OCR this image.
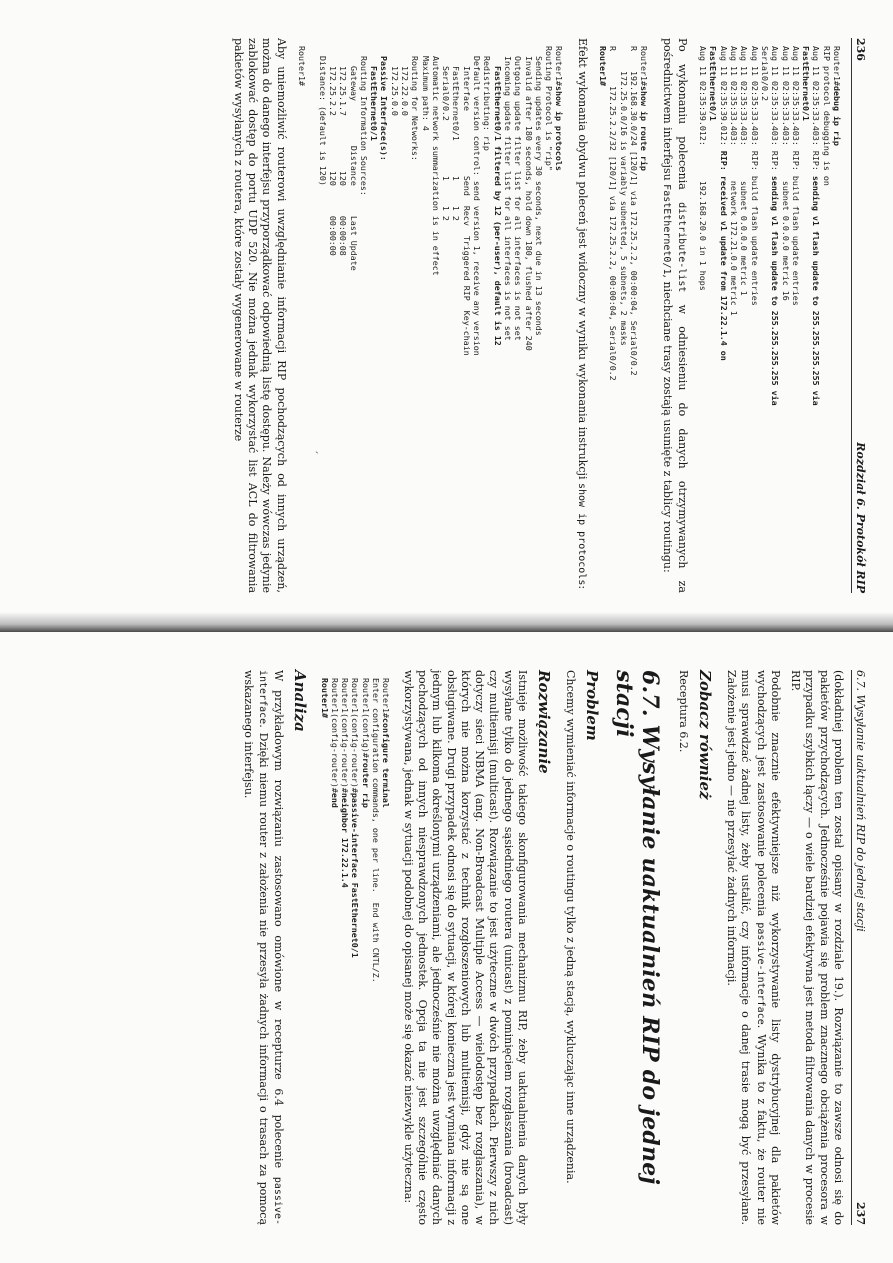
236
Rozdział 6. Protokół RIP
Router1#debug ip rip
RIP protocol debugging is on
Aug 11 02:35:33.403: RIP: sending v1 flash update to 255.255.255.255 via
FastEthernet0/1
Aug 11 02:35:33.403: RIP: build flash update entries
Aug 11 02:35:33.403:       subnet 0.0.0.0 metric 16
Aug 11 02:35:33.403: RIP: sending v1 flash update to 255.255.255.255 via
Serial0/0.2
Aug 11 02:35:33.403: RIP: build flash update entries
Aug 11 02:35:33.403:       subnet 0.0.0.0 metric 1
Aug 11 02:35:33.403:       network 172.21.0.0 metric 1
Aug 11 02:35:39.012: RIP: received v1 update from 172.22.1.4 on
FastEthernet0/1
Aug 11 02:35:39.012:       192.168.20.0 in 1 hops

Po wykonaniu polecenia distribute-list w odniesieniu do danych otrzymywanych za pośrednictwem interfejsu FastEthernet0/1, niechciane trasy zostają usunięte z tablicy routingu:

Router1#show ip route rip
R    192.168.30.0/24 [120/1] via 172.25.2.2, 00:00:04, Serial0/0.2
172.25.0.0/16 is variably subnetted, 5 subnets, 2 masks
R       172.25.2.2/32 [120/1] via 172.25.2.2, 00:00:04, Serial0/0.2
Router1#

Efekt wykonania obydwu poleceń jest widoczny w wyniku wykonania instrukcji show ip protocols:

Router1#show ip protocols
Routing Protocol is "rip"
Sending updates every 30 seconds, next due in 13 seconds
Invalid after 180 seconds, hold down 180, flushed after 240
Outgoing update filter list for all interfaces is not set
Incoming update filter list for all interfaces is not set
FastEthernet0/1 filtered by 12 (per-user), default is 12
Redistributing: rip
Default version control: send version 1, receive any version
Interface             Send  Recv  Triggered RIP  Key-chain
FastEthernet0/1       1     1 2
Serial0/0.2           1     1 2
Automatic network summarization is in effect
Maximum path: 4
Routing for Networks:
172.22.0.0
172.25.0.0
Passive Interface(s):
FastEthernet0/1
Routing Information Sources:
Gateway         Distance      Last Update
172.25.1.7           120      00:00:08
172.25.2.2           120      00:00:00
Distance: (default is 120)

Router1#

Aby uniemożliwić routerowi uwzględnianie informacji RIP pochodzących od innych urządzeń, można do danego interfejsu przyporządkować odpowiednią listę dostępu. Należy wówczas jedynie zablokować dostęp do portu UDP 520. Nie można jednak wykorzystać list ACL do filtrowania pakietów wysyłanych z routera, które zostały wygenerowane w routerze

ˏ
6.7. Wysyłanie uaktualnień RIP do jednej stacji
237

(dokładniej problem ten został opisany w rozdziale 19.). Rozwiązanie to zawsze odnosi się do pakietów przychodzących. Jednocześnie pojawia się problem znacznego obciążenia procesora w przypadku szybkich łączy — o wiele bardziej efektywna jest metoda filtrowania danych w procesie RIP.

Podobnie znacznie efektywniejsze niż wykorzystywanie listy dystrybucyjnej dla pakietów wychodzących jest zastosowanie polecenia passive-interface. Wynika to z faktu, że router nie musi sprawdzać żadnej listy, żeby ustalić, czy informacje o danej trasie mogą być przesyłane. Założenie jest jedno — nie przesyłać żadnych informacji.

Zobacz również

Receptura 6.2.

6.7. Wysyłanie uaktualnień RIP do jednej stacji
Problem

Chcemy wymieniać informacje o routingu tylko z jedną stacją, wykluczając inne urządzenia.

Rozwiązanie

Istnieje możliwość takiego skonfigurowania mechanizmu RIP, żeby uaktualnienia danych były wysyłane tylko do jednego sąsiedniego routera (unicast) z pominięciem rozgłaszania (broadcast) czy multiemisji (multicast). Rozwiązanie to jest użyteczne w dwóch przypadkach. Pierwszy z nich dotyczy sieci NBMA (ang. Non-Broadcast Multiple Access — wielodostęp bez rozgłaszania), w których nie można korzystać z technik rozgłoszeniowych lub multiemisji, gdyż nie są one obsługiwane. Drugi przypadek odnosi się do sytuacji, w której konieczna jest wymiana informacji z jednym lub kilkoma określonymi urządzeniami, ale jednocześnie nie można uwzględniać danych pochodzących od innych niesprawdzonych jednostek. Opcja ta nie jest szczególnie często wykorzystywana, jednak w sytuacji podobnej do opisanej może się okazać niezwykle użyteczna:

Router1#configure terminal
Enter configuration commands, one per line.  End with CNTL/Z.
Router1(config)#router rip
Router1(config-router)#passive-interface FastEthernet0/1
Router1(config-router)#neighbor 172.22.1.4
Router1(config-router)#end
Router1#
Analiza

W przykładowym rozwiązaniu zastosowano omówione w recepturze 6.4 polecenie passive-interface. Dzięki niemu router z założenia nie przesyła żadnych informacji o trasach za pomocą wskazanego interfejsu.
